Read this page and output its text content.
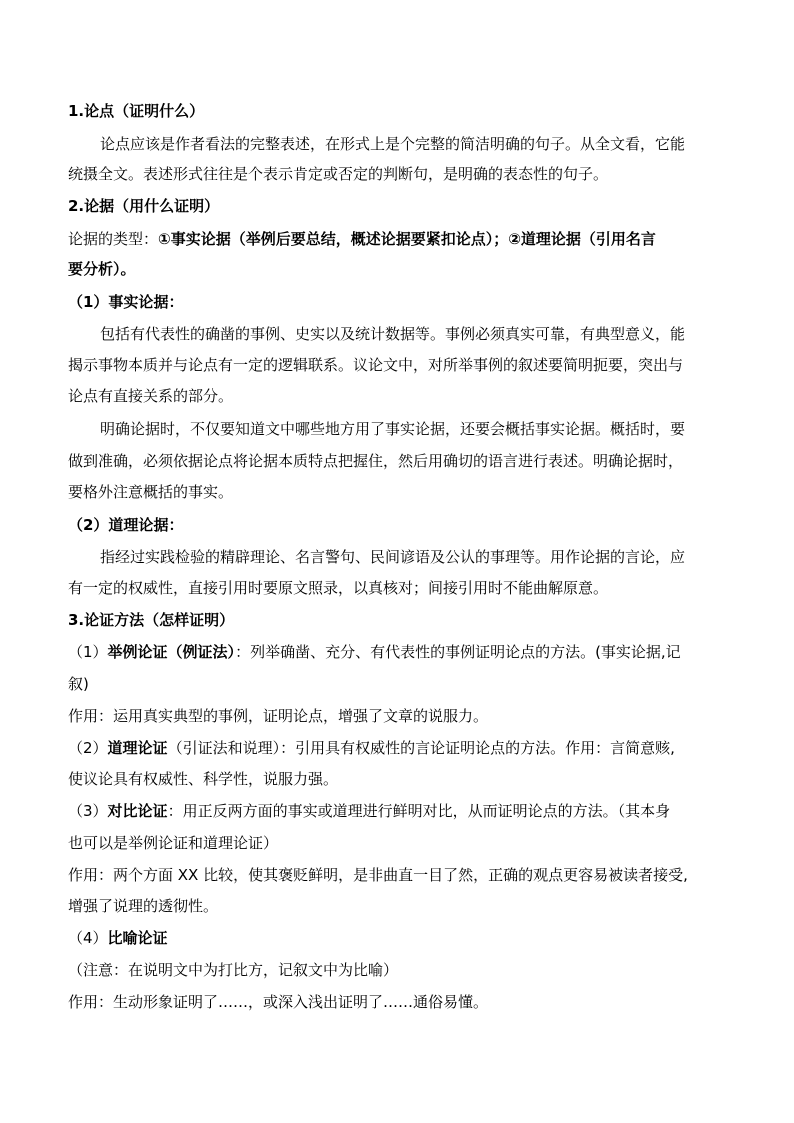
1.论点（证明什么）
论点应该是作者看法的完整表述，在形式上是个完整的简洁明确的句子。从全文看，它能
统摄全文。表述形式往往是个表示肯定或否定的判断句，是明确的表态性的句子。
2.论据（用什么证明）
论据的类型：①事实论据（举例后要总结，概述论据要紧扣论点）；②道理论据（引用名言
要分析）。
（1）事实论据：
包括有代表性的确凿的事例、史实以及统计数据等。事例必须真实可靠，有典型意义，能
揭示事物本质并与论点有一定的逻辑联系。议论文中，对所举事例的叙述要简明扼要，突出与
论点有直接关系的部分。
明确论据时，不仅要知道文中哪些地方用了事实论据，还要会概括事实论据。概括时，要
做到准确，必须依据论点将论据本质特点把握住，然后用确切的语言进行表述。明确论据时，
要格外注意概括的事实。
（2）道理论据：
指经过实践检验的精辟理论、名言警句、民间谚语及公认的事理等。用作论据的言论，应
有一定的权威性，直接引用时要原文照录，以真核对；间接引用时不能曲解原意。
3.论证方法（怎样证明）
（1）举例论证（例证法）：列举确凿、充分、有代表性的事例证明论点的方法。(事实论据,记
叙)
作用：运用真实典型的事例，证明论点，增强了文章的说服力。
（2）道理论证（引证法和说理）：引用具有权威性的言论证明论点的方法。作用：言简意赅,
使议论具有权威性、科学性，说服力强。
（3）对比论证：用正反两方面的事实或道理进行鲜明对比，从而证明论点的方法。（其本身
也可以是举例论证和道理论证）
作用：两个方面 XX 比较，使其褒贬鲜明，是非曲直一目了然，正确的观点更容易被读者接受,
增强了说理的透彻性。
（4）比喻论证
（注意：在说明文中为打比方，记叙文中为比喻）
作用：生动形象证明了……，或深入浅出证明了……通俗易懂。
